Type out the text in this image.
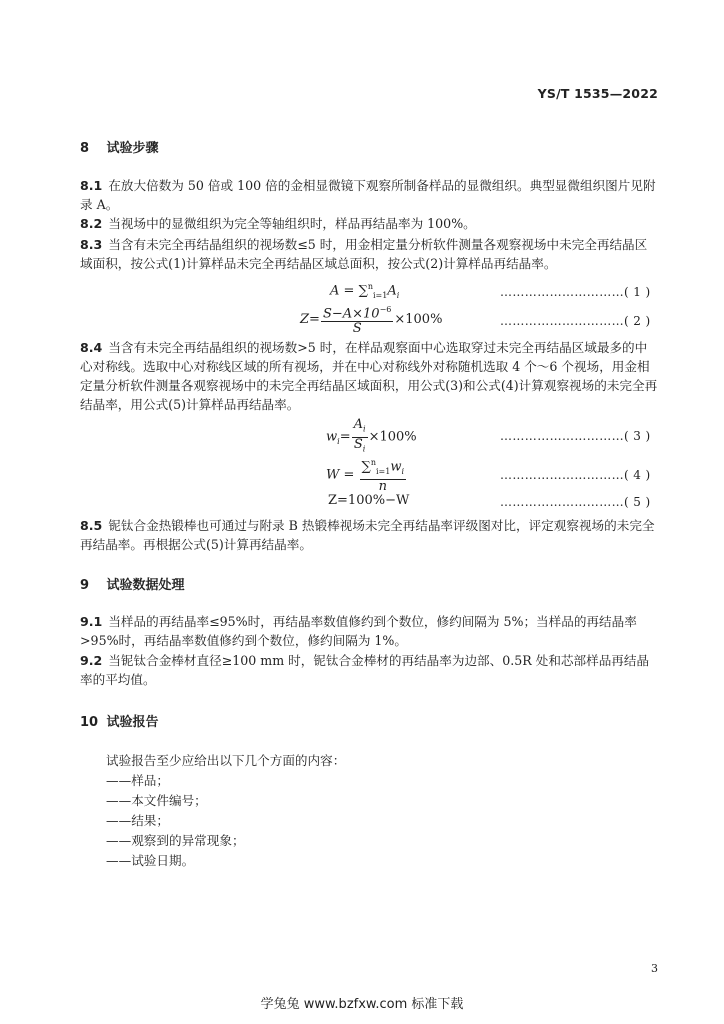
YS/T 1535—2022
8 试验步骤
8.1 在放大倍数为 50 倍或 100 倍的金相显微镜下观察所制备样品的显微组织。典型显微组织图片见附录 A。
8.2 当视场中的显微组织为完全等轴组织时，样品再结晶率为 100%。
8.3 当含有未完全再结晶组织的视场数≤5 时，用金相定量分析软件测量各观察视场中未完全再结晶区域面积，按公式(1)计算样品未完全再结晶区域总面积，按公式(2)计算样品再结晶率。
$A = \sum^n_{i=1}A_i$	…………………………( 1 )
$Z= \frac{S-A\times 10^{-6}}{S} \times 100\%$	…………………………( 2 )
8.4 当含有未完全再结晶组织的视场数>5 时，在样品观察面中心选取穿过未完全再结晶区域最多的中心对称线。选取中心对称线区域的所有视场，并在中心对称线外对称随机选取 4 个～6 个视场，用金相定量分析软件测量各观察视场中的未完全再结晶区域面积，用公式(3)和公式(4)计算观察视场的未完全再结晶率，用公式(5)计算样品再结晶率。
$w_i= \frac{A_i}{S_i} \times 100\%$	…………………………( 3 )
$W = \frac{\sum^n_{i=1}w_i}{n}$	…………………………( 4 )
Z=100%−W	…………………………( 5 )
8.5 铌钛合金热锻棒也可通过与附录 B 热锻棒视场未完全再结晶率评级图对比，评定观察视场的未完全再结晶率。再根据公式(5)计算再结晶率。
9 试验数据处理
9.1 当样品的再结晶率≤95%时，再结晶率数值修约到个数位，修约间隔为 5%；当样品的再结晶率>95%时，再结晶率数值修约到个数位，修约间隔为 1%。
9.2 当铌钛合金棒材直径≥100 mm 时，铌钛合金棒材的再结晶率为边部、0.5R 处和芯部样品再结晶率的平均值。
10 试验报告
试验报告至少应给出以下几个方面的内容：
——样品；
——本文件编号；
——结果；
——观察到的异常现象；
——试验日期。
3
学兔兔 www.bzfxw.com 标准下载
